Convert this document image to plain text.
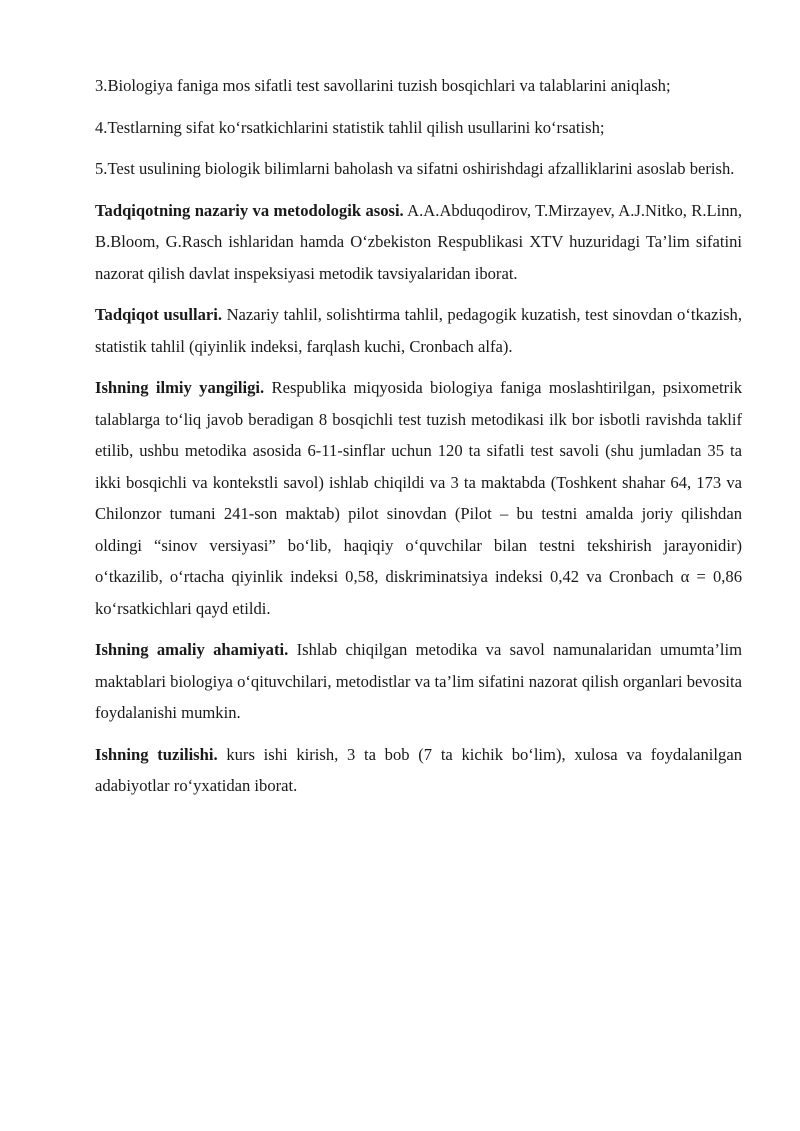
3.Biologiya faniga mos sifatli test savollarini tuzish bosqichlari va talablarini aniqlash;

4.Testlarning sifat ko‘rsatkichlarini statistik tahlil qilish usullarini ko‘rsatish;

5.Test usulining biologik bilimlarni baholash va sifatni oshirishdagi afzalliklarini asoslab berish.

Tadqiqotning nazariy va metodologik asosi. A.A.Abduqodirov, T.Mirzayev, A.J.Nitko, R.Linn, B.Bloom, G.Rasch ishlaridan hamda O‘zbekiston Respublikasi XTV huzuridagi Ta’lim sifatini nazorat qilish davlat inspeksiyasi metodik tavsiyalaridan iborat.

Tadqiqot usullari. Nazariy tahlil, solishtirma tahlil, pedagogik kuzatish, test sinovdan o‘tkazish, statistik tahlil (qiyinlik indeksi, farqlash kuchi, Cronbach alfa).

Ishning ilmiy yangiligi. Respublika miqyosida biologiya faniga moslashtirilgan, psixometrik talablarga to‘liq javob beradigan 8 bosqichli test tuzish metodikasi ilk bor isbotli ravishda taklif etilib, ushbu metodika asosida 6-11-sinflar uchun 120 ta sifatli test savoli (shu jumladan 35 ta ikki bosqichli va kontekstli savol) ishlab chiqildi va 3 ta maktabda (Toshkent shahar 64, 173 va Chilonzor tumani 241-son maktab) pilot sinovdan (Pilot – bu testni amalda joriy qilishdan oldingi “sinov versiyasi” bo‘lib, haqiqiy o‘quvchilar bilan testni tekshirish jarayonidir) o‘tkazilib, o‘rtacha qiyinlik indeksi 0,58, diskriminatsiya indeksi 0,42 va Cronbach α = 0,86 ko‘rsatkichlari qayd etildi.

Ishning amaliy ahamiyati. Ishlab chiqilgan metodika va savol namunalaridan umumta’lim maktablari biologiya o‘qituvchilari, metodistlar va ta’lim sifatini nazorat qilish organlari bevosita foydalanishi mumkin.

Ishning tuzilishi. kurs ishi kirish, 3 ta bob (7 ta kichik bo‘lim), xulosa va foydalanilgan adabiyotlar ro‘yxatidan iborat.
